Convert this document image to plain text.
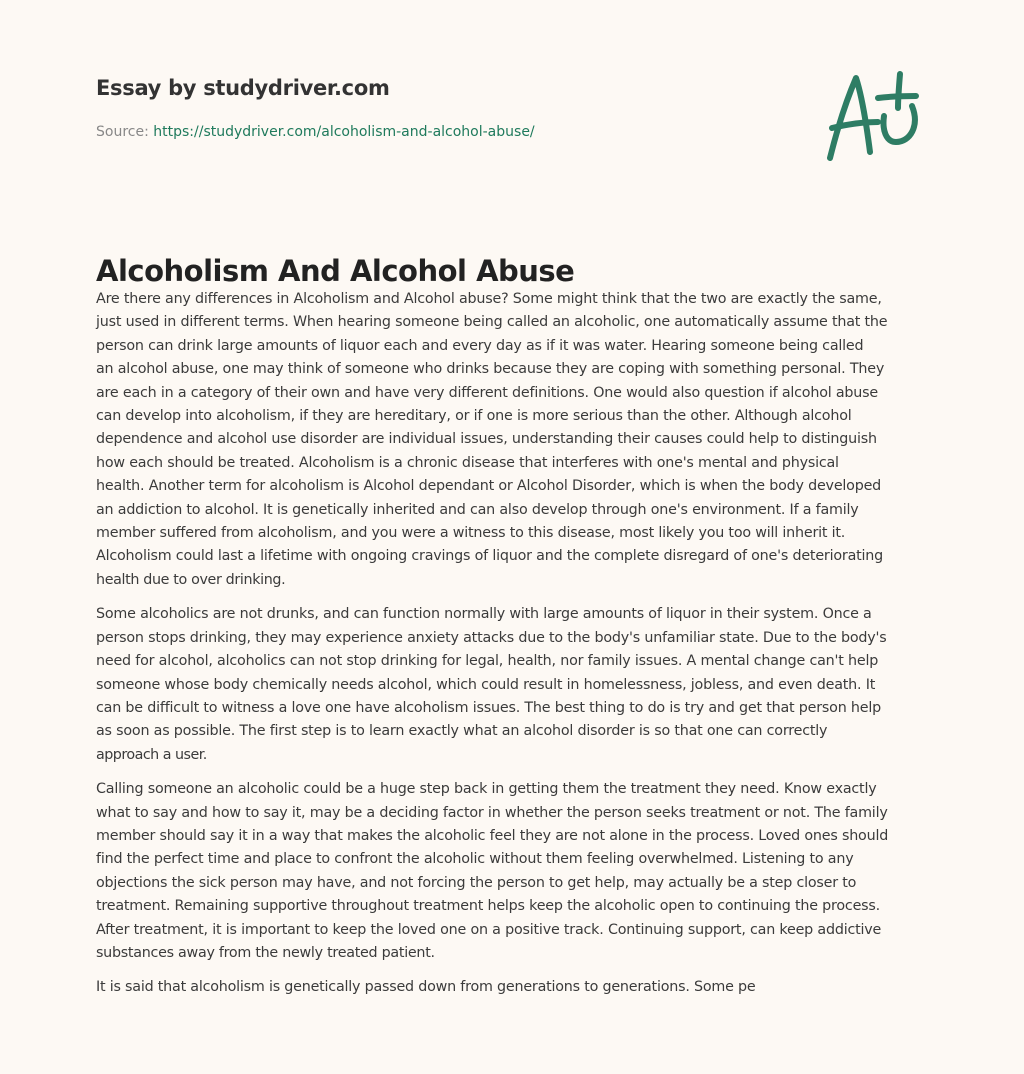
Essay by studydriver.com
Source: https://studydriver.com/alcoholism-and-alcohol-abuse/
Alcoholism And Alcohol Abuse

Are there any differences in Alcoholism and Alcohol abuse? Some might think that the two are exactly the same,
just used in different terms. When hearing someone being called an alcoholic, one automatically assume that the
person can drink large amounts of liquor each and every day as if it was water. Hearing someone being called
an alcohol abuse, one may think of someone who drinks because they are coping with something personal. They
are each in a category of their own and have very different definitions. One would also question if alcohol abuse
can develop into alcoholism, if they are hereditary, or if one is more serious than the other. Although alcohol
dependence and alcohol use disorder are individual issues, understanding their causes could help to distinguish
how each should be treated. Alcoholism is a chronic disease that interferes with one's mental and physical
health. Another term for alcoholism is Alcohol dependant or Alcohol Disorder, which is when the body developed
an addiction to alcohol. It is genetically inherited and can also develop through one's environment. If a family
member suffered from alcoholism, and you were a witness to this disease, most likely you too will inherit it.
Alcoholism could last a lifetime with ongoing cravings of liquor and the complete disregard of one's deteriorating
health due to over drinking.

Some alcoholics are not drunks, and can function normally with large amounts of liquor in their system. Once a
person stops drinking, they may experience anxiety attacks due to the body's unfamiliar state. Due to the body's
need for alcohol, alcoholics can not stop drinking for legal, health, nor family issues. A mental change can't help
someone whose body chemically needs alcohol, which could result in homelessness, jobless, and even death. It
can be difficult to witness a love one have alcoholism issues. The best thing to do is try and get that person help
as soon as possible. The first step is to learn exactly what an alcohol disorder is so that one can correctly
approach a user.

Calling someone an alcoholic could be a huge step back in getting them the treatment they need. Know exactly
what to say and how to say it, may be a deciding factor in whether the person seeks treatment or not. The family
member should say it in a way that makes the alcoholic feel they are not alone in the process. Loved ones should
find the perfect time and place to confront the alcoholic without them feeling overwhelmed. Listening to any
objections the sick person may have, and not forcing the person to get help, may actually be a step closer to
treatment. Remaining supportive throughout treatment helps keep the alcoholic open to continuing the process.
After treatment, it is important to keep the loved one on a positive track. Continuing support, can keep addictive
substances away from the newly treated patient.

It is said that alcoholism is genetically passed down from generations to generations. Some pe
